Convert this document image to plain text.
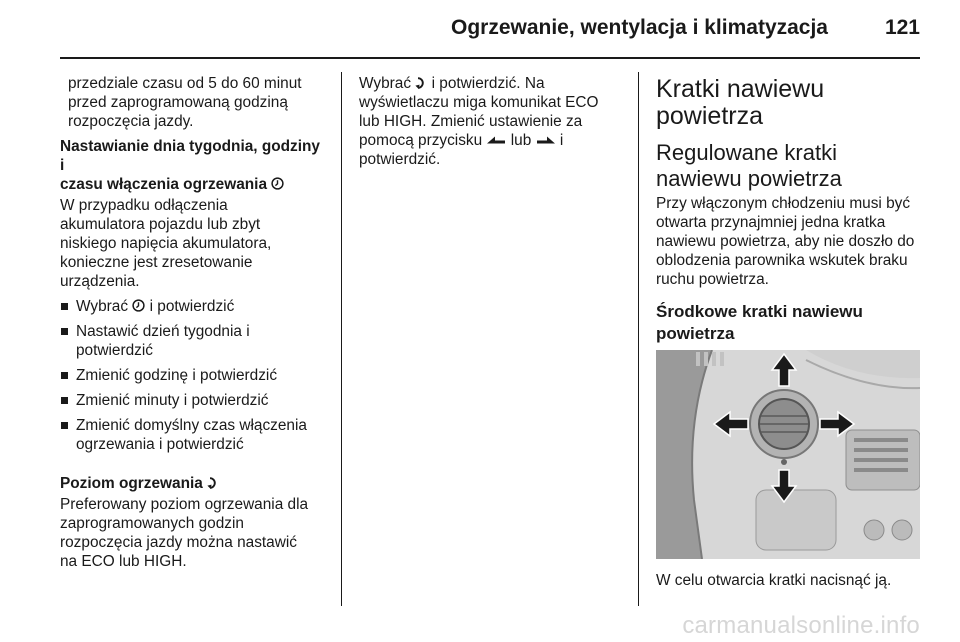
Ogrzewanie, wentylacja i klimatyzacja	121

przedziale czasu od 5 do 60 minut

przed zaprogramowaną godziną

rozpoczęcia jazdy.

Nastawianie dnia tygodnia, godziny i

czasu włączenia ogrzewania

W przypadku odłączenia

akumulatora pojazdu lub zbyt

niskiego napięcia akumulatora,

konieczne jest zresetowanie

urządzenia.

Wybrać i potwierdzić

Nastawić dzień tygodnia i

potwierdzić

Zmienić godzinę i potwierdzić

Zmienić minuty i potwierdzić

Zmienić domyślny czas włączenia

ogrzewania i potwierdzić

Poziom ogrzewania

Preferowany poziom ogrzewania dla

zaprogramowanych godzin

rozpoczęcia jazdy można nastawić

na ECO lub HIGH.

Wybrać i potwierdzić. Na

wyświetlaczu miga komunikat ECO

lub HIGH. Zmienić ustawienie za

pomocą przycisku lub i

potwierdzić.

Kratki nawiewu
powietrza
Regulowane kratki
nawiewu powietrza

Przy włączonym chłodzeniu musi być

otwarta przynajmniej jedna kratka

nawiewu powietrza, aby nie doszło do

oblodzenia parownika wskutek braku

ruchu powietrza.

Środkowe kratki nawiewu

powietrza

W celu otwarcia kratki nacisnąć ją.
carmanualsonline.info
